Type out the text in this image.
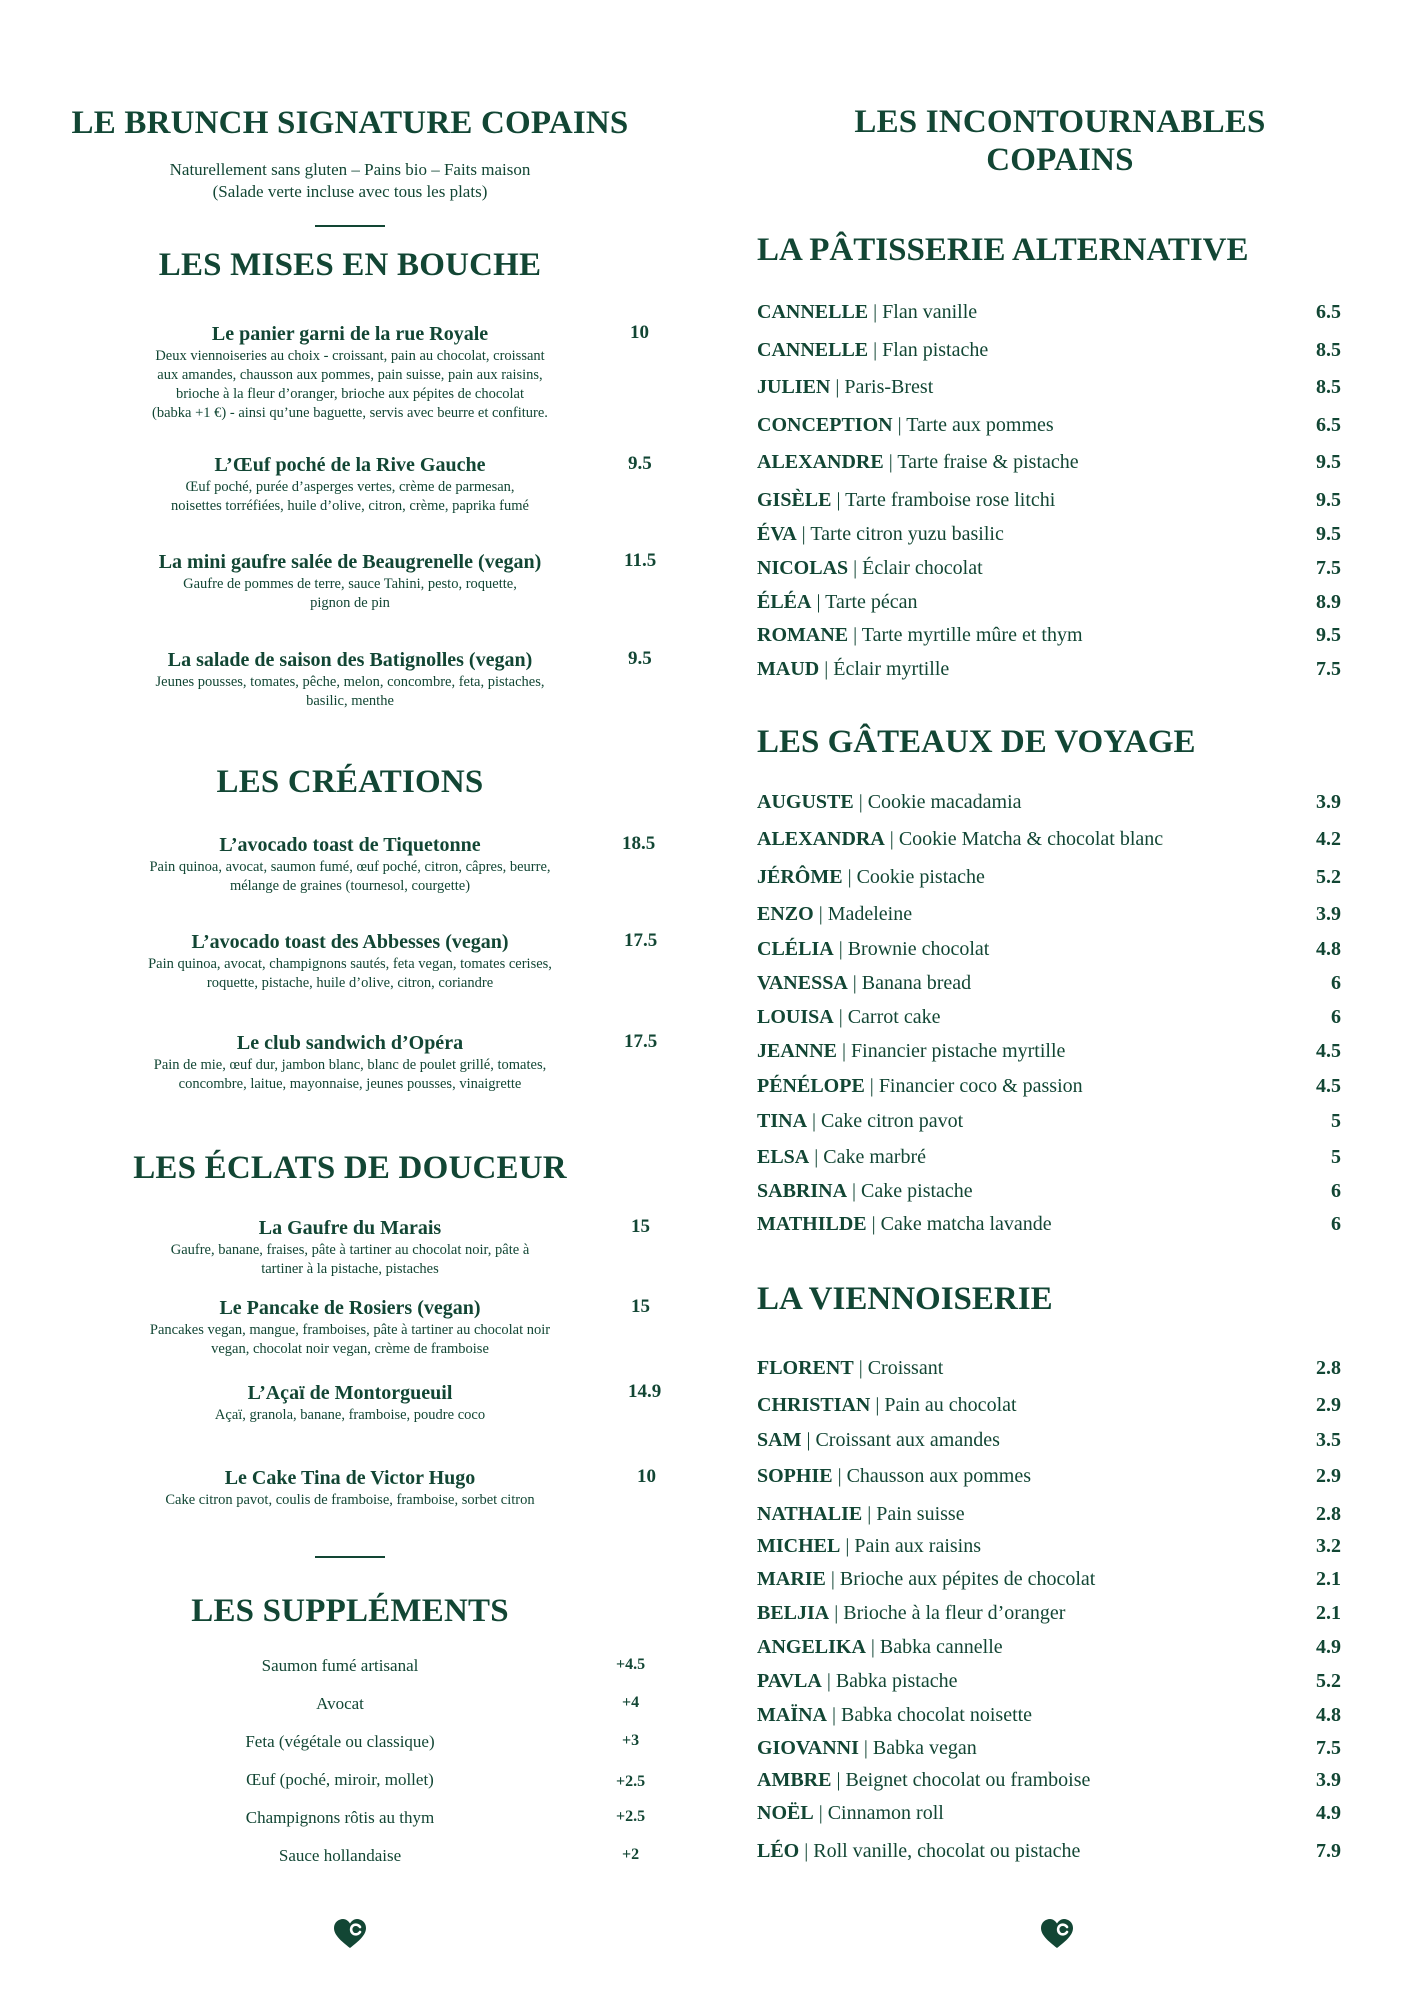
LE BRUNCH SIGNATURE COPAINS
Naturellement sans gluten – Pains bio – Faits maison
(Salade verte incluse avec tous les plats)
LES MISES EN BOUCHE
Le panier garni de la rue Royale	10
Deux viennoiseries au choix - croissant, pain au chocolat, croissant
aux amandes, chausson aux pommes, pain suisse, pain aux raisins,
brioche à la fleur d’oranger, brioche aux pépites de chocolat
(babka +1 €) - ainsi qu’une baguette, servis avec beurre et confiture.
L’Œuf poché de la Rive Gauche	9.5
Œuf poché, purée d’asperges vertes, crème de parmesan,
noisettes torréfiées, huile d’olive, citron, crème, paprika fumé
La mini gaufre salée de Beaugrenelle (vegan)	11.5
Gaufre de pommes de terre, sauce Tahini, pesto, roquette,
pignon de pin
La salade de saison des Batignolles (vegan)	9.5
Jeunes pousses, tomates, pêche, melon, concombre, feta, pistaches,
basilic, menthe
LES CRÉATIONS
L’avocado toast de Tiquetonne	18.5
Pain quinoa, avocat, saumon fumé, œuf poché, citron, câpres, beurre,
mélange de graines (tournesol, courgette)
L’avocado toast des Abbesses (vegan)	17.5
Pain quinoa, avocat, champignons sautés, feta vegan, tomates cerises,
roquette, pistache, huile d’olive, citron, coriandre
Le club sandwich d’Opéra	17.5
Pain de mie, œuf dur, jambon blanc, blanc de poulet grillé, tomates,
concombre, laitue, mayonnaise, jeunes pousses, vinaigrette
LES ÉCLATS DE DOUCEUR
La Gaufre du Marais	15
Gaufre, banane, fraises, pâte à tartiner au chocolat noir, pâte à
tartiner à la pistache, pistaches
Le Pancake de Rosiers (vegan)	15
Pancakes vegan, mangue, framboises, pâte à tartiner au chocolat noir
vegan, chocolat noir vegan, crème de framboise
L’Açaï de Montorgueuil	14.9
Açaï, granola, banane, framboise, poudre coco
Le Cake Tina de Victor Hugo	10
Cake citron pavot, coulis de framboise, framboise, sorbet citron
LES SUPPLÉMENTS
Saumon fumé artisanal	+4.5
Avocat	+4
Feta (végétale ou classique)	+3
Œuf (poché, miroir, mollet)	+2.5
Champignons rôtis au thym	+2.5
Sauce hollandaise	+2
LES INCONTOURNABLES
COPAINS
LA PÂTISSERIE ALTERNATIVE
CANNELLE | Flan vanille	6.5
CANNELLE | Flan pistache	8.5
JULIEN | Paris-Brest	8.5
CONCEPTION | Tarte aux pommes	6.5
ALEXANDRE | Tarte fraise & pistache	9.5
GISÈLE | Tarte framboise rose litchi	9.5
ÉVA | Tarte citron yuzu basilic	9.5
NICOLAS | Éclair chocolat	7.5
ÉLÉA | Tarte pécan	8.9
ROMANE | Tarte myrtille mûre et thym	9.5
MAUD | Éclair myrtille	7.5
LES GÂTEAUX DE VOYAGE
AUGUSTE | Cookie macadamia	3.9
ALEXANDRA | Cookie Matcha & chocolat blanc	4.2
JÉRÔME | Cookie pistache	5.2
ENZO | Madeleine	3.9
CLÉLIA | Brownie chocolat	4.8
VANESSA | Banana bread	6
LOUISA | Carrot cake	6
JEANNE | Financier pistache myrtille	4.5
PÉNÉLOPE | Financier coco & passion	4.5
TINA | Cake citron pavot	5
ELSA | Cake marbré	5
SABRINA | Cake pistache	6
MATHILDE | Cake matcha lavande	6
LA VIENNOISERIE
FLORENT | Croissant	2.8
CHRISTIAN | Pain au chocolat	2.9
SAM | Croissant aux amandes	3.5
SOPHIE | Chausson aux pommes	2.9
NATHALIE | Pain suisse	2.8
MICHEL | Pain aux raisins	3.2
MARIE | Brioche aux pépites de chocolat	2.1
BELJIA | Brioche à la fleur d’oranger	2.1
ANGELIKA | Babka cannelle	4.9
PAVLA | Babka pistache	5.2
MAÏNA | Babka chocolat noisette	4.8
GIOVANNI | Babka vegan	7.5
AMBRE | Beignet chocolat ou framboise	3.9
NOËL | Cinnamon roll	4.9
LÉO | Roll vanille, chocolat ou pistache	7.9
